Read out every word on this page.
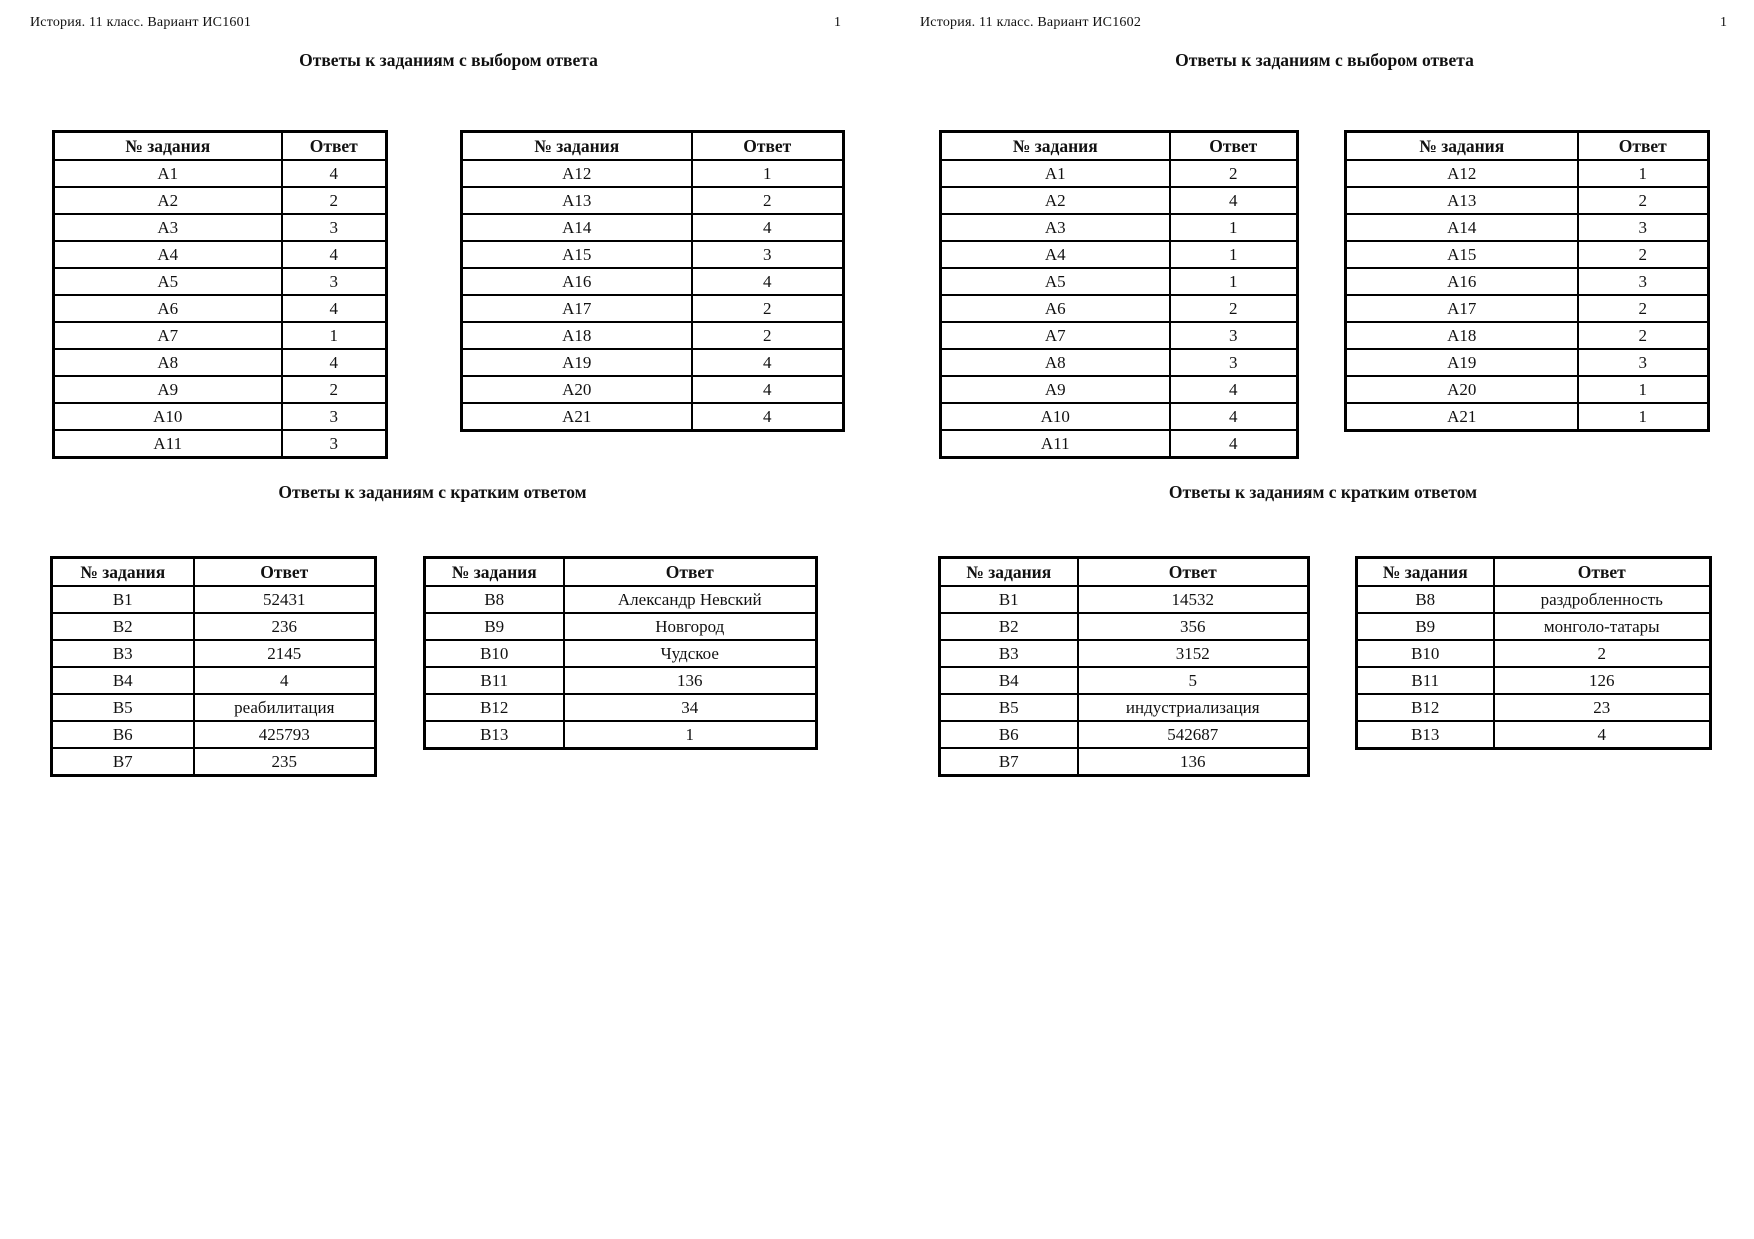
История. 11 класс. Вариант ИС1601	1
Ответы к заданиям с выбором ответа
№ задания	Ответ
А1	4
А2	2
А3	3
А4	4
А5	3
А6	4
А7	1
А8	4
А9	2
А10	3
А11	3
№ задания	Ответ
А12	1
А13	2
А14	4
А15	3
А16	4
А17	2
А18	2
А19	4
А20	4
А21	4
Ответы к заданиям с кратким ответом
№ задания	Ответ
В1	52431
В2	236
В3	2145
В4	4
В5	реабилитация
В6	425793
В7	235
№ задания	Ответ
В8	Александр Невский
В9	Новгород
В10	Чудское
В11	136
В12	34
В13	1
История. 11 класс. Вариант ИС1602	1
Ответы к заданиям с выбором ответа
№ задания	Ответ
А1	2
А2	4
А3	1
А4	1
А5	1
А6	2
А7	3
А8	3
А9	4
А10	4
А11	4
№ задания	Ответ
А12	1
А13	2
А14	3
А15	2
А16	3
А17	2
А18	2
А19	3
А20	1
А21	1
Ответы к заданиям с кратким ответом
№ задания	Ответ
В1	14532
В2	356
В3	3152
В4	5
В5	индустриализация
В6	542687
В7	136
№ задания	Ответ
В8	раздробленность
В9	монголо-татары
В10	2
В11	126
В12	23
В13	4
